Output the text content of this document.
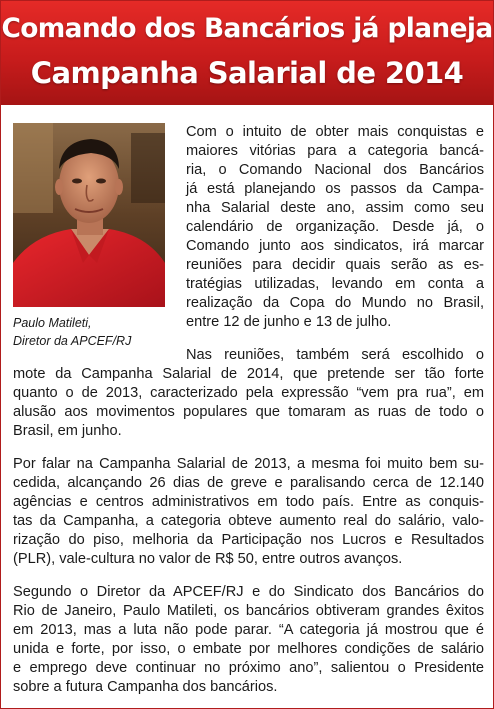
Comando dos Bancários já planeja
Campanha Salarial de 2014
Paulo Matileti,
Diretor da APCEF/RJ
Com o intuito de obter mais conquistas e
maiores vitórias para a categoria bancá-
ria, o Comando Nacional dos Bancários
já está planejando os passos da Campa-
nha Salarial deste ano, assim como seu
calendário de organização. Desde já, o
Comando junto aos sindicatos, irá marcar
reuniões para decidir quais serão as es-
tratégias utilizadas, levando em conta a
realização da Copa do Mundo no Brasil,
entre 12 de junho e 13 de julho.
Nas reuniões, também será escolhido o
mote da Campanha Salarial de 2014, que pretende ser tão forte
quanto o de 2013, caracterizado pela expressão “vem pra rua”, em
alusão aos movimentos populares que tomaram as ruas de todo o
Brasil, em junho.
Por falar na Campanha Salarial de 2013, a mesma foi muito bem su-
cedida, alcançando 26 dias de greve e paralisando cerca de 12.140
agências e centros administrativos em todo país. Entre as conquis-
tas da Campanha, a categoria obteve aumento real do salário, valo-
rização do piso, melhoria da Participação nos Lucros e Resultados
(PLR), vale-cultura no valor de R$ 50, entre outros avanços.
Segundo o Diretor da APCEF/RJ e do Sindicato dos Bancários do
Rio de Janeiro, Paulo Matileti, os bancários obtiveram grandes êxitos
em 2013, mas a luta não pode parar. “A categoria já mostrou que é
unida e forte, por isso, o embate por melhores condições de salário
e emprego deve continuar no próximo ano”, salientou o Presidente
sobre a futura Campanha dos bancários.
